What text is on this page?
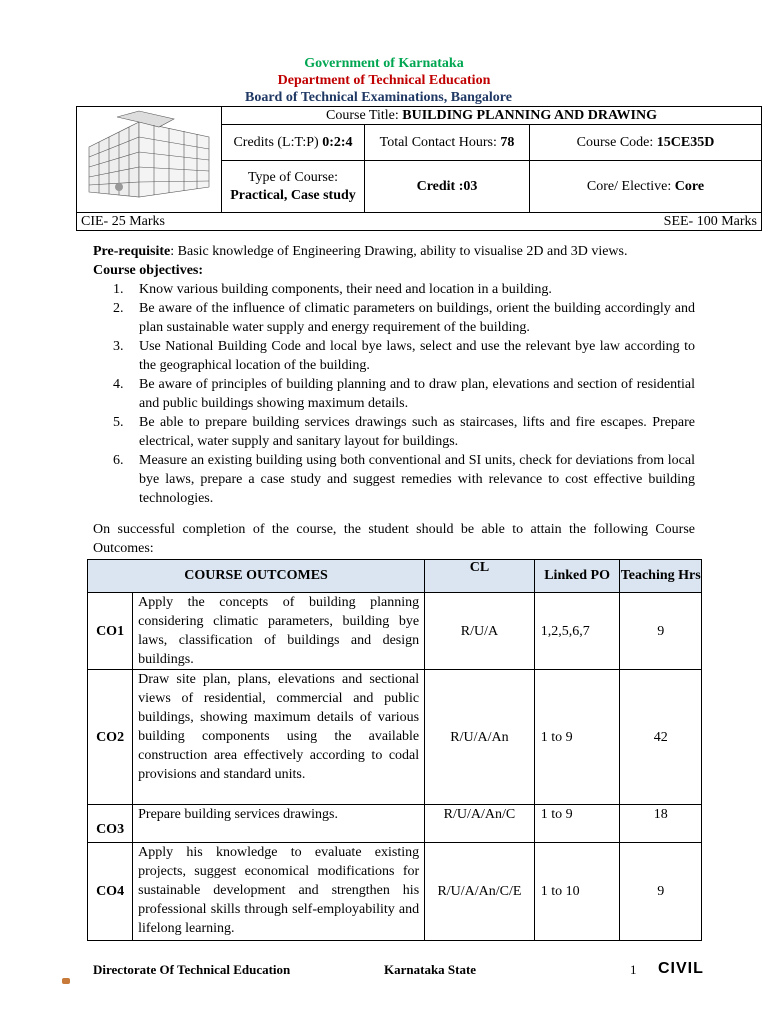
Government of Karnataka
Department of Technical Education
Board of Technical Examinations, Bangalore
	Course Title: BUILDING PLANNING AND DRAWING		
	Credits (L:T:P) 0:2:4	Total Contact Hours: 78	Course Code: 15CE35D
	Type of Course:
Practical, Case study	Credit :03	Core/ Elective: Core
CIE- 25 Marks SEE- 100 Marks			
Pre-requisite: Basic knowledge of Engineering Drawing, ability to visualise 2D and 3D views.
Course objectives:
1. Know various building components, their need and location in a building.
2. Be aware of the influence of climatic parameters on buildings, orient the building accordingly and plan sustainable water supply and energy requirement of the building.
3. Use National Building Code and local bye laws, select and use the relevant bye law according to the geographical location of the building.
4. Be aware of principles of building planning and to draw plan, elevations and section of residential and public buildings showing maximum details.
5. Be able to prepare building services drawings such as staircases, lifts and fire escapes. Prepare electrical, water supply and sanitary layout for buildings.
6. Measure an existing building using both conventional and SI units, check for deviations from local bye laws, prepare a case study and suggest remedies with relevance to cost effective building technologies.
On successful completion of the course, the student should be able to attain the following Course Outcomes:
COURSE OUTCOMES		CL	Linked PO	Teaching Hrs
CO1	Apply the concepts of building planning considering climatic parameters, building bye laws, classification of buildings and design buildings.	R/U/A	1,2,5,6,7	9
CO2	Draw site plan, plans, elevations and sectional views of residential, commercial and public buildings, showing maximum details of various building components using the available construction area effectively according to codal provisions and standard units.	R/U/A/An	1 to 9	42
CO3	Prepare building services drawings.	R/U/A/An/C	1 to 9	18
CO4	Apply his knowledge to evaluate existing projects, suggest economical modifications for sustainable development and strengthen his professional skills through self-employability and lifelong learning.	R/U/A/An/C/E	1 to 10	9
Directorate Of Technical Education	Karnataka State	1 CIVIL
